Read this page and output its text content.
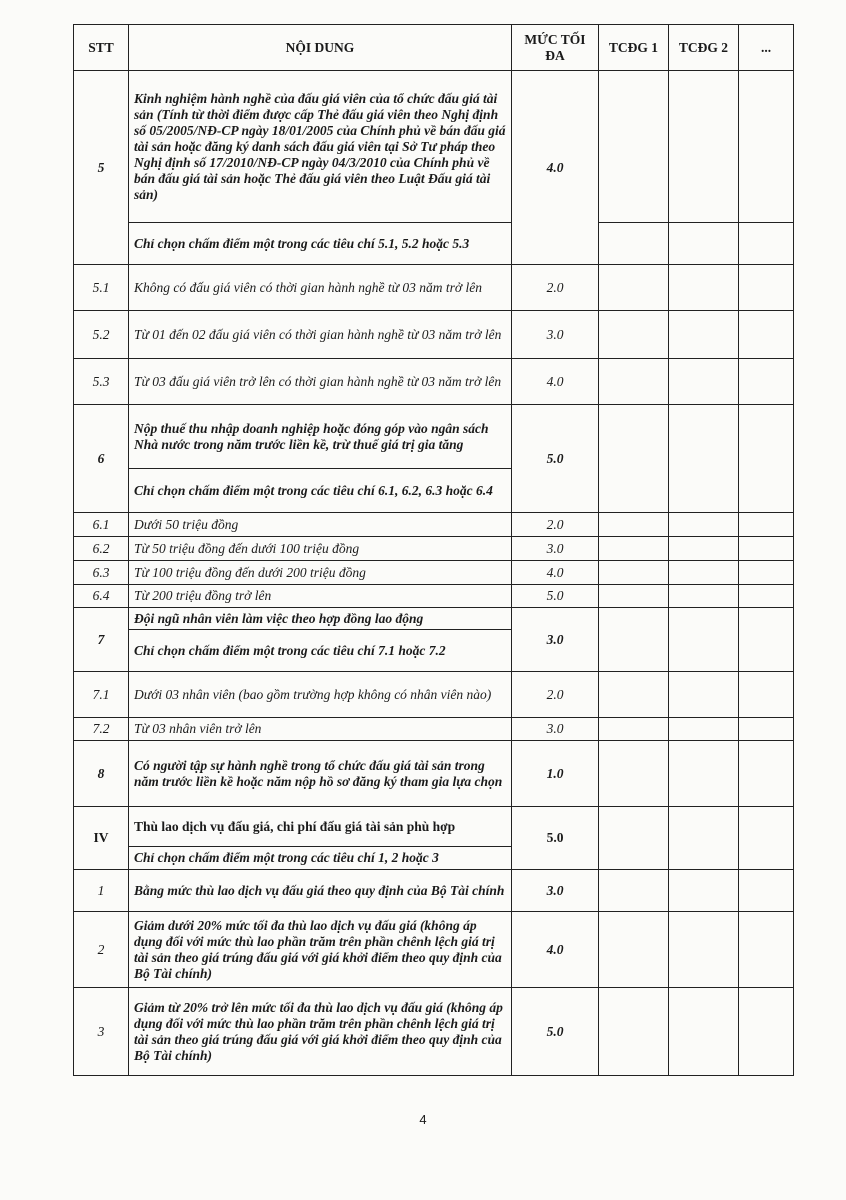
STT	NỘI DUNG	MỨC TỐI ĐA	TCĐG 1	TCĐG 2	...
5	Kinh nghiệm hành nghề của đấu giá viên của tổ chức đấu giá tài sản (Tính từ thời điểm được cấp Thẻ đấu giá viên theo Nghị định số 05/2005/NĐ-CP ngày 18/01/2005 của Chính phủ về bán đấu giá tài sản hoặc đăng ký danh sách đấu giá viên tại Sở Tư pháp theo Nghị định số 17/2010/NĐ-CP ngày 04/3/2010 của Chính phủ về bán đấu giá tài sản hoặc Thẻ đấu giá viên theo Luật Đấu giá tài sản)	4.0			
	Chỉ chọn chấm điểm một trong các tiêu chí 5.1, 5.2 hoặc 5.3				
5.1	Không có đấu giá viên có thời gian hành nghề từ 03 năm trở lên	2.0			
5.2	Từ 01 đến 02 đấu giá viên có thời gian hành nghề từ 03 năm trở lên	3.0			
5.3	Từ 03 đấu giá viên trở lên có thời gian hành nghề từ 03 năm trở lên	4.0			
6	Nộp thuế thu nhập doanh nghiệp hoặc đóng góp vào ngân sách Nhà nước trong năm trước liền kề, trừ thuế giá trị gia tăng	5.0			
	Chỉ chọn chấm điểm một trong các tiêu chí 6.1, 6.2, 6.3 hoặc 6.4				
6.1	Dưới 50 triệu đồng	2.0			
6.2	Từ 50 triệu đồng đến dưới 100 triệu đồng	3.0			
6.3	Từ 100 triệu đồng đến dưới 200 triệu đồng	4.0			
6.4	Từ 200 triệu đồng trở lên	5.0			
7	Đội ngũ nhân viên làm việc theo hợp đồng lao động	3.0			
	Chỉ chọn chấm điểm một trong các tiêu chí 7.1 hoặc 7.2				
7.1	Dưới 03 nhân viên (bao gồm trường hợp không có nhân viên nào)	2.0			
7.2	Từ 03 nhân viên trở lên	3.0			
8	Có người tập sự hành nghề trong tổ chức đấu giá tài sản trong năm trước liền kề hoặc năm nộp hồ sơ đăng ký tham gia lựa chọn	1.0			
IV	Thù lao dịch vụ đấu giá, chi phí đấu giá tài sản phù hợp	5.0			
	Chỉ chọn chấm điểm một trong các tiêu chí 1, 2 hoặc 3				
1	Bằng mức thù lao dịch vụ đấu giá theo quy định của Bộ Tài chính	3.0			
2	Giảm dưới 20% mức tối đa thù lao dịch vụ đấu giá (không áp dụng đối với mức thù lao phần trăm trên phần chênh lệch giá trị tài sản theo giá trúng đấu giá với giá khởi điểm theo quy định của Bộ Tài chính)	4.0			
3	Giảm từ 20% trở lên mức tối đa thù lao dịch vụ đấu giá (không áp dụng đối với mức thù lao phần trăm trên phần chênh lệch giá trị tài sản theo giá trúng đấu giá với giá khởi điểm theo quy định của Bộ Tài chính)	5.0			
4
